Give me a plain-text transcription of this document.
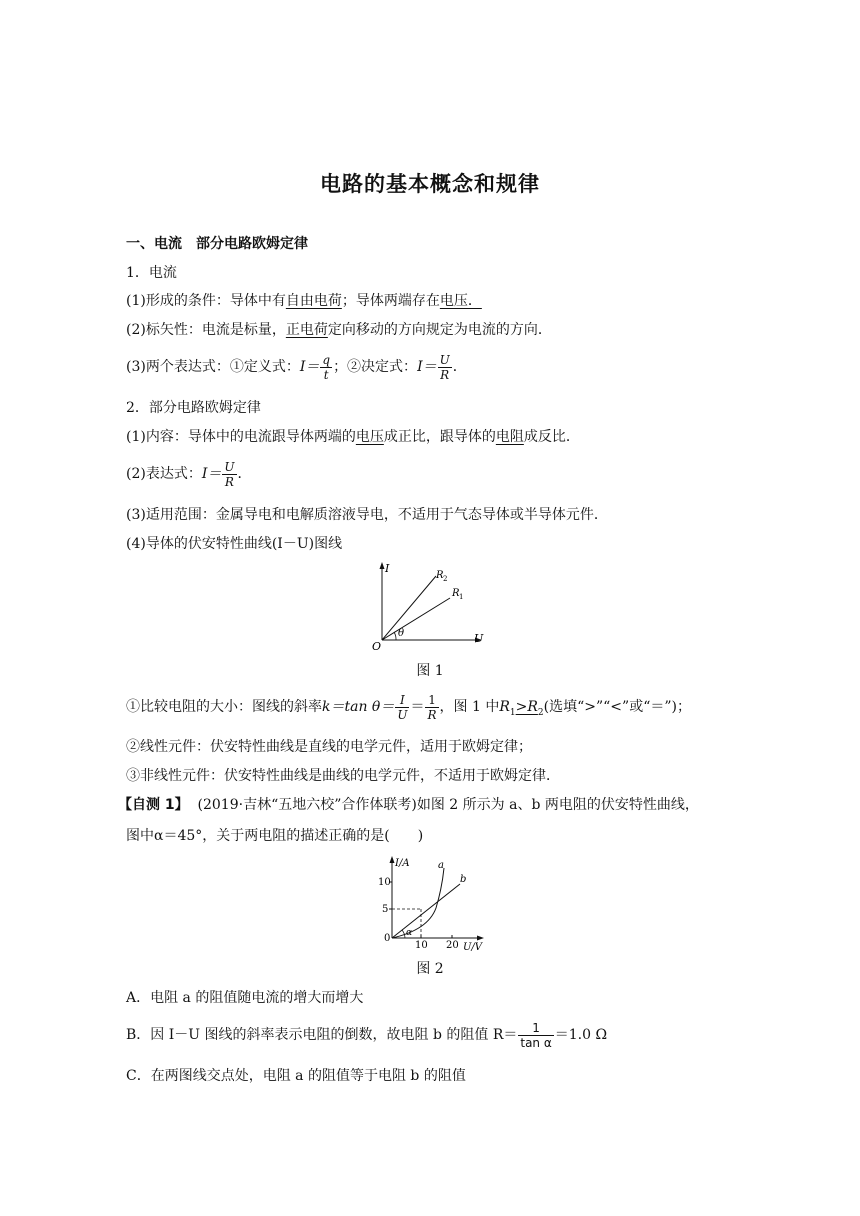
电路的基本概念和规律
一、电流　部分电路欧姆定律
1．电流
(1)形成的条件：导体中有自由电荷；导体两端存在电压．
(2)标矢性：电流是标量，正电荷定向移动的方向规定为电流的方向．
(3)两个表达式：①定义式：$I= \frac{q}{t}$ ；②决定式：$I= \frac{U}{R}$ ．
2．部分电路欧姆定律
(1)内容：导体中的电流跟导体两端的电压成正比，跟导体的电阻成反比．
(2)表达式：$I= \frac{U}{R}$ ．
(3)适用范围：金属导电和电解质溶液导电，不适用于气态导体或半导体元件．
(4)导体的伏安特性曲线(I－U)图线
I
U
O
θ
R 2
R 1
图 1
①比较电阻的大小：图线的斜率k＝tan $\theta= \frac{I}{U} = \frac{1}{R}$ ，图 1 中$R_1>R_2$(选填“>”“<”或“＝”)；
②线性元件：伏安特性曲线是直线的电学元件，适用于欧姆定律；
③非线性元件：伏安特性曲线是曲线的电学元件，不适用于欧姆定律．
【自测 1】 (2019·吉林“五地六校”合作体联考)如图 2 所示为 a、b 两电阻的伏安特性曲线，
图中α＝45°，关于两电阻的描述正确的是(　　)
I/A
U/V
10
5
0
10 20
a
b
α
图 2
A．电阻 a 的阻值随电流的增大而增大
B．因 I－U 图线的斜率表示电阻的倒数，故电阻 b 的阻值 $R= \frac{1}{\text{tan α}} =1.0$ Ω
C．在两图线交点处，电阻 a 的阻值等于电阻 b 的阻值
